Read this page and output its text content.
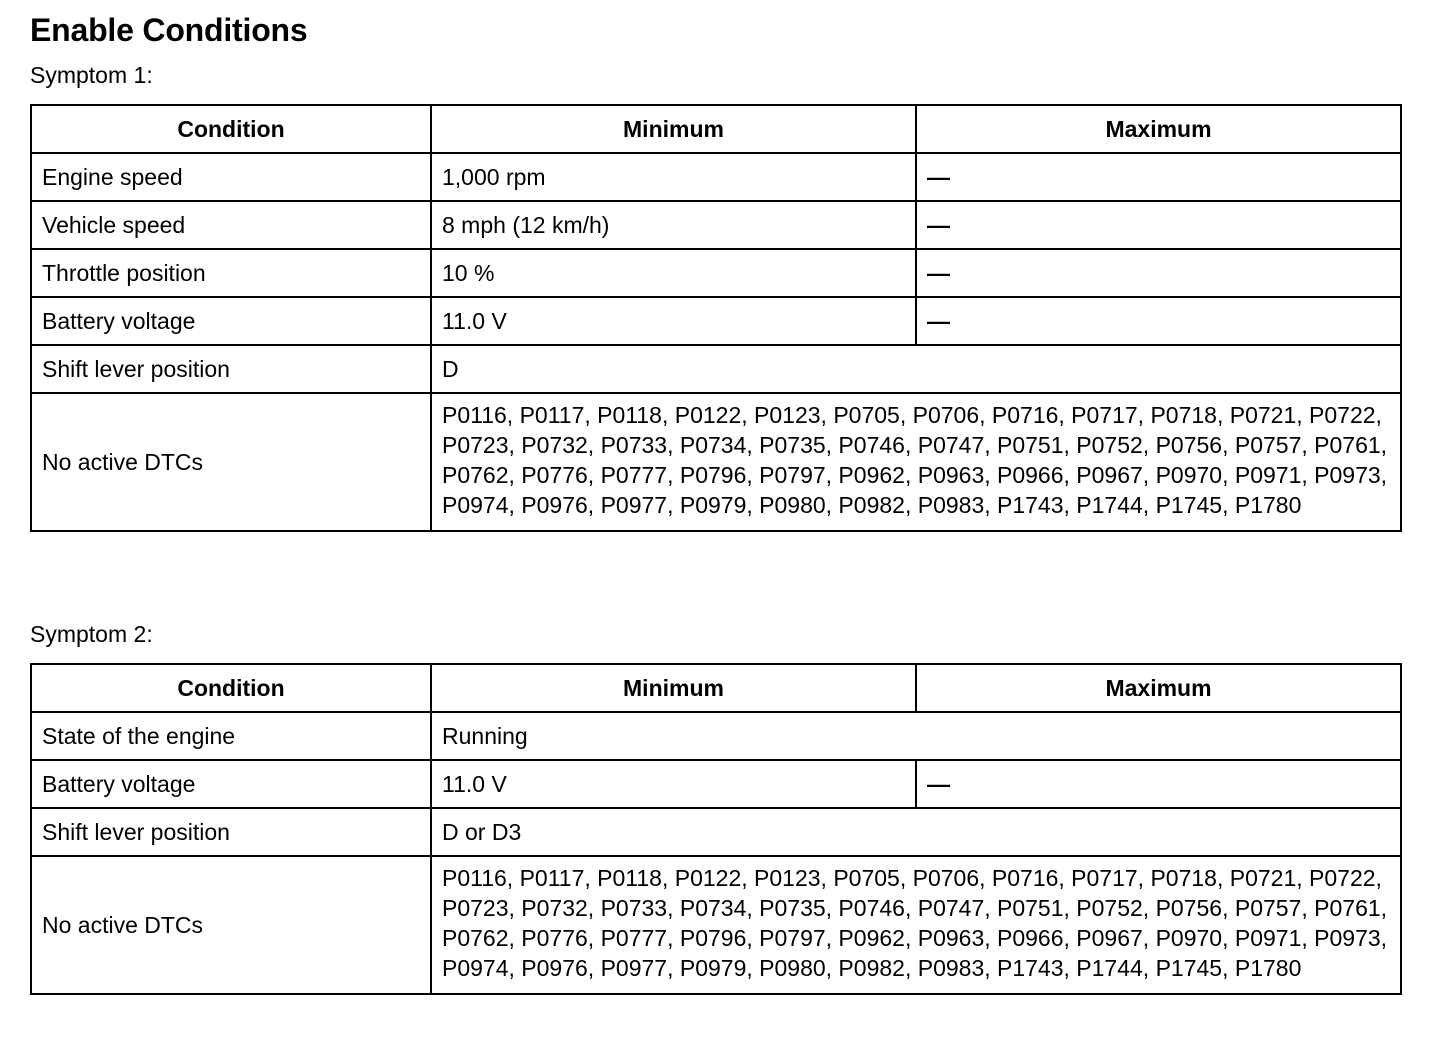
Enable Conditions

Symptom 1:

Condition	Minimum	Maximum
Engine speed	1,000 rpm	—
Vehicle speed	8 mph (12 km/h)	—
Throttle position	10 %	—
Battery voltage	11.0 V	—
Shift lever position	D	
No active DTCs	P0116, P0117, P0118, P0122, P0123, P0705, P0706, P0716, P0717, P0718, P0721, P0722, P0723, P0732, P0733, P0734, P0735, P0746, P0747, P0751, P0752, P0756, P0757, P0761, P0762, P0776, P0777, P0796, P0797, P0962, P0963, P0966, P0967, P0970, P0971, P0973, P0974, P0976, P0977, P0979, P0980, P0982, P0983, P1743, P1744, P1745, P1780	

Symptom 2:

Condition	Minimum	Maximum
State of the engine	Running	
Battery voltage	11.0 V	—
Shift lever position	D or D3	
No active DTCs	P0116, P0117, P0118, P0122, P0123, P0705, P0706, P0716, P0717, P0718, P0721, P0722, P0723, P0732, P0733, P0734, P0735, P0746, P0747, P0751, P0752, P0756, P0757, P0761, P0762, P0776, P0777, P0796, P0797, P0962, P0963, P0966, P0967, P0970, P0971, P0973, P0974, P0976, P0977, P0979, P0980, P0982, P0983, P1743, P1744, P1745, P1780	
